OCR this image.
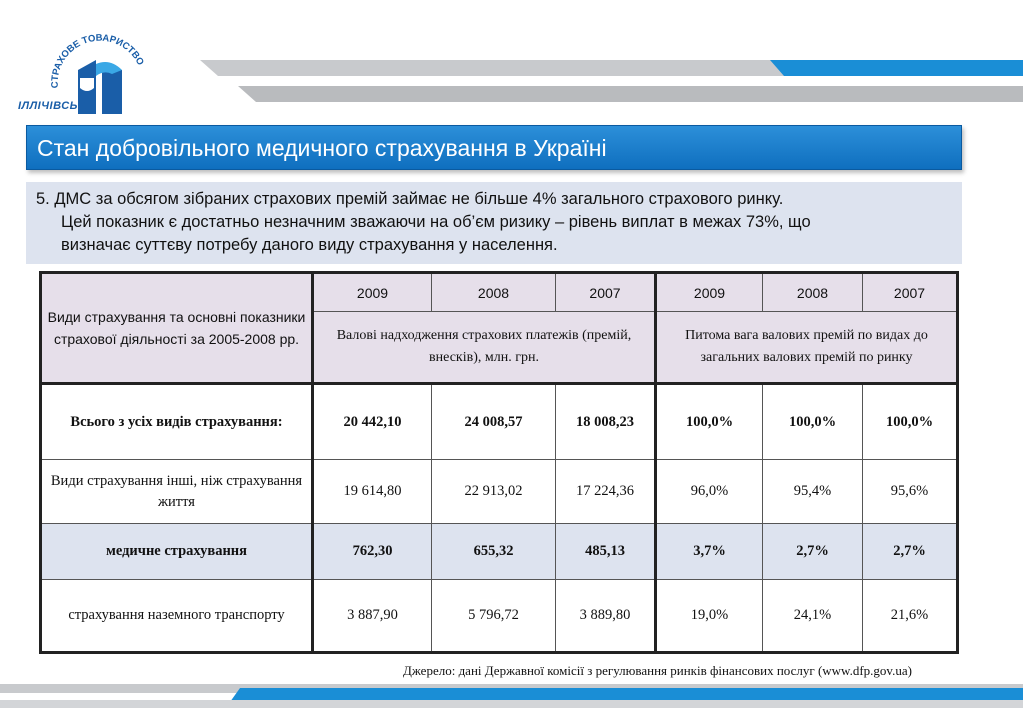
СТРАХОВЕ ТОВАРИСТВО
ІЛЛІЧІВСЬКЕ
Стан добровільного медичного страхування в Україні
5. ДМС за обсягом зібраних страхових премій займає не більше 4% загального страхового ринку.
Цей показник є достатньо незначним зважаючи на об’єм ризику – рівень виплат в межах 73%, що
визначає суттєву потребу даного виду страхування у населення.
Види страхування та основні показники страхової діяльності за 2005-2008 рр.	2009	2008	2007	2009	2008	2007
	Валові надходження страхових платежів (премій, внесків), млн. грн.			Питома вага валових премій по видах до загальних валових премій по ринку		
Всього з усіх видів страхування:	20 442,10	24 008,57	18 008,23	100,0%	100,0%	100,0%
Види страхування інші, ніж страхування життя	19 614,80	22 913,02	17 224,36	96,0%	95,4%	95,6%
медичне страхування	762,30	655,32	485,13	3,7%	2,7%	2,7%
страхування наземного транспорту	3 887,90	5 796,72	3 889,80	19,0%	24,1%	21,6%
Джерело: дані Державної комісії з регулювання ринків фінансових послуг (www.dfp.gov.ua)
